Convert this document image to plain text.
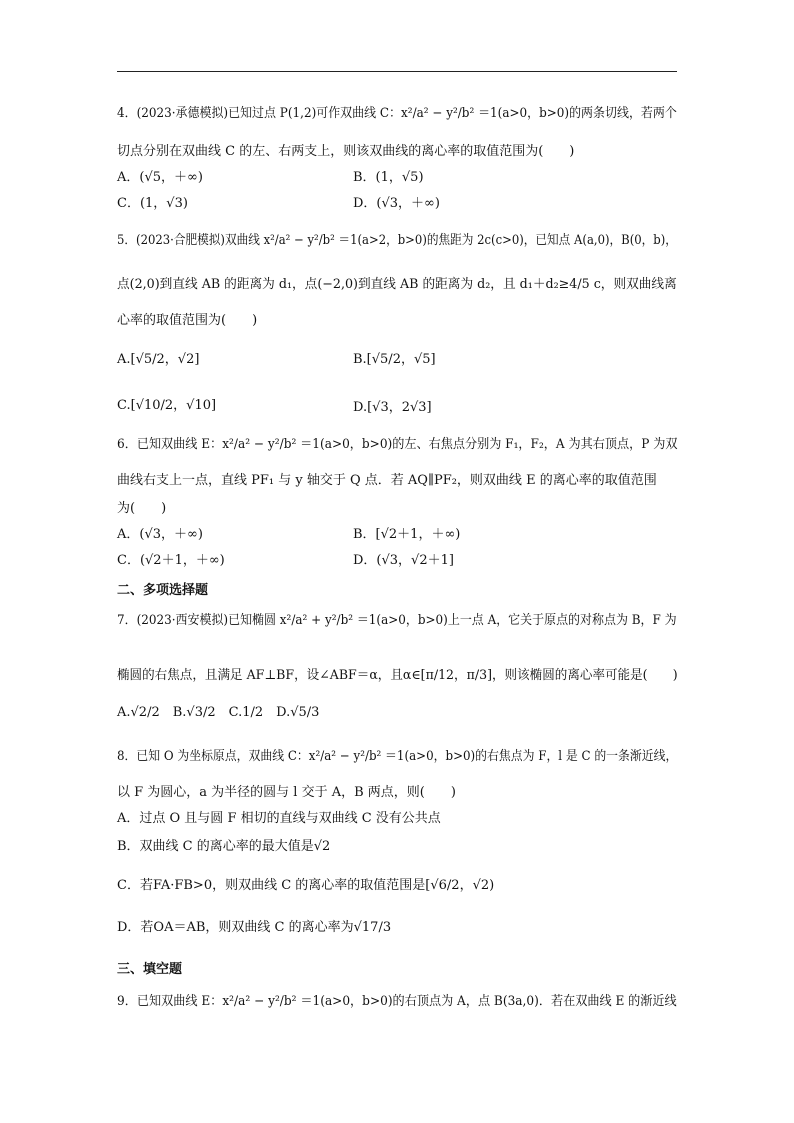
4．(2023·承德模拟)已知过点 P(1,2)可作双曲线 C：x²/a² − y²/b² ＝1(a>0，b>0)的两条切线，若两个
切点分别在双曲线 C 的左、右两支上，则该双曲线的离心率的取值范围为(　　)
A．(√5，＋∞)	B．(1，√5)
C．(1，√3)	D．(√3，＋∞)
5．(2023·合肥模拟)双曲线 x²/a² − y²/b² ＝1(a>2，b>0)的焦距为 2c(c>0)，已知点 A(a,0)，B(0，b)，
点(2,0)到直线 AB 的距离为 d₁，点(−2,0)到直线 AB 的距离为 d₂，且 d₁＋d₂≥4/5 c，则双曲线离
心率的取值范围为(　　)
A.[√5/2，√2]	B.[√5/2，√5]
C.[√10/2，√10]	D.[√3，2√3]
6．已知双曲线 E：x²/a² − y²/b² ＝1(a>0，b>0)的左、右焦点分别为 F₁，F₂，A 为其右顶点，P 为双
曲线右支上一点，直线 PF₁ 与 y 轴交于 Q 点．若 AQ∥PF₂，则双曲线 E 的离心率的取值范围
为(　　)
A．(√3，＋∞)	B．[√2＋1，＋∞)
C．(√2＋1，＋∞)	D．(√3，√2＋1]
二、多项选择题
7．(2023·西安模拟)已知椭圆 x²/a² + y²/b² ＝1(a>0，b>0)上一点 A，它关于原点的对称点为 B，F 为
椭圆的右焦点，且满足 AF⊥BF，设∠ABF＝α，且α∈[π/12，π/3]，则该椭圆的离心率可能是(　　)
A.√2/2　B.√3/2　C.1/2　D.√5/3
8．已知 O 为坐标原点，双曲线 C：x²/a² − y²/b² ＝1(a>0，b>0)的右焦点为 F，l 是 C 的一条渐近线，
以 F 为圆心，a 为半径的圆与 l 交于 A，B 两点，则(　　)
A．过点 O 且与圆 F 相切的直线与双曲线 C 没有公共点
B．双曲线 C 的离心率的最大值是√2
C．若FA·FB>0，则双曲线 C 的离心率的取值范围是[√6/2，√2)
D．若OA＝AB，则双曲线 C 的离心率为√17/3
三、填空题
9．已知双曲线 E：x²/a² − y²/b² ＝1(a>0，b>0)的右顶点为 A，点 B(3a,0)．若在双曲线 E 的渐近线
